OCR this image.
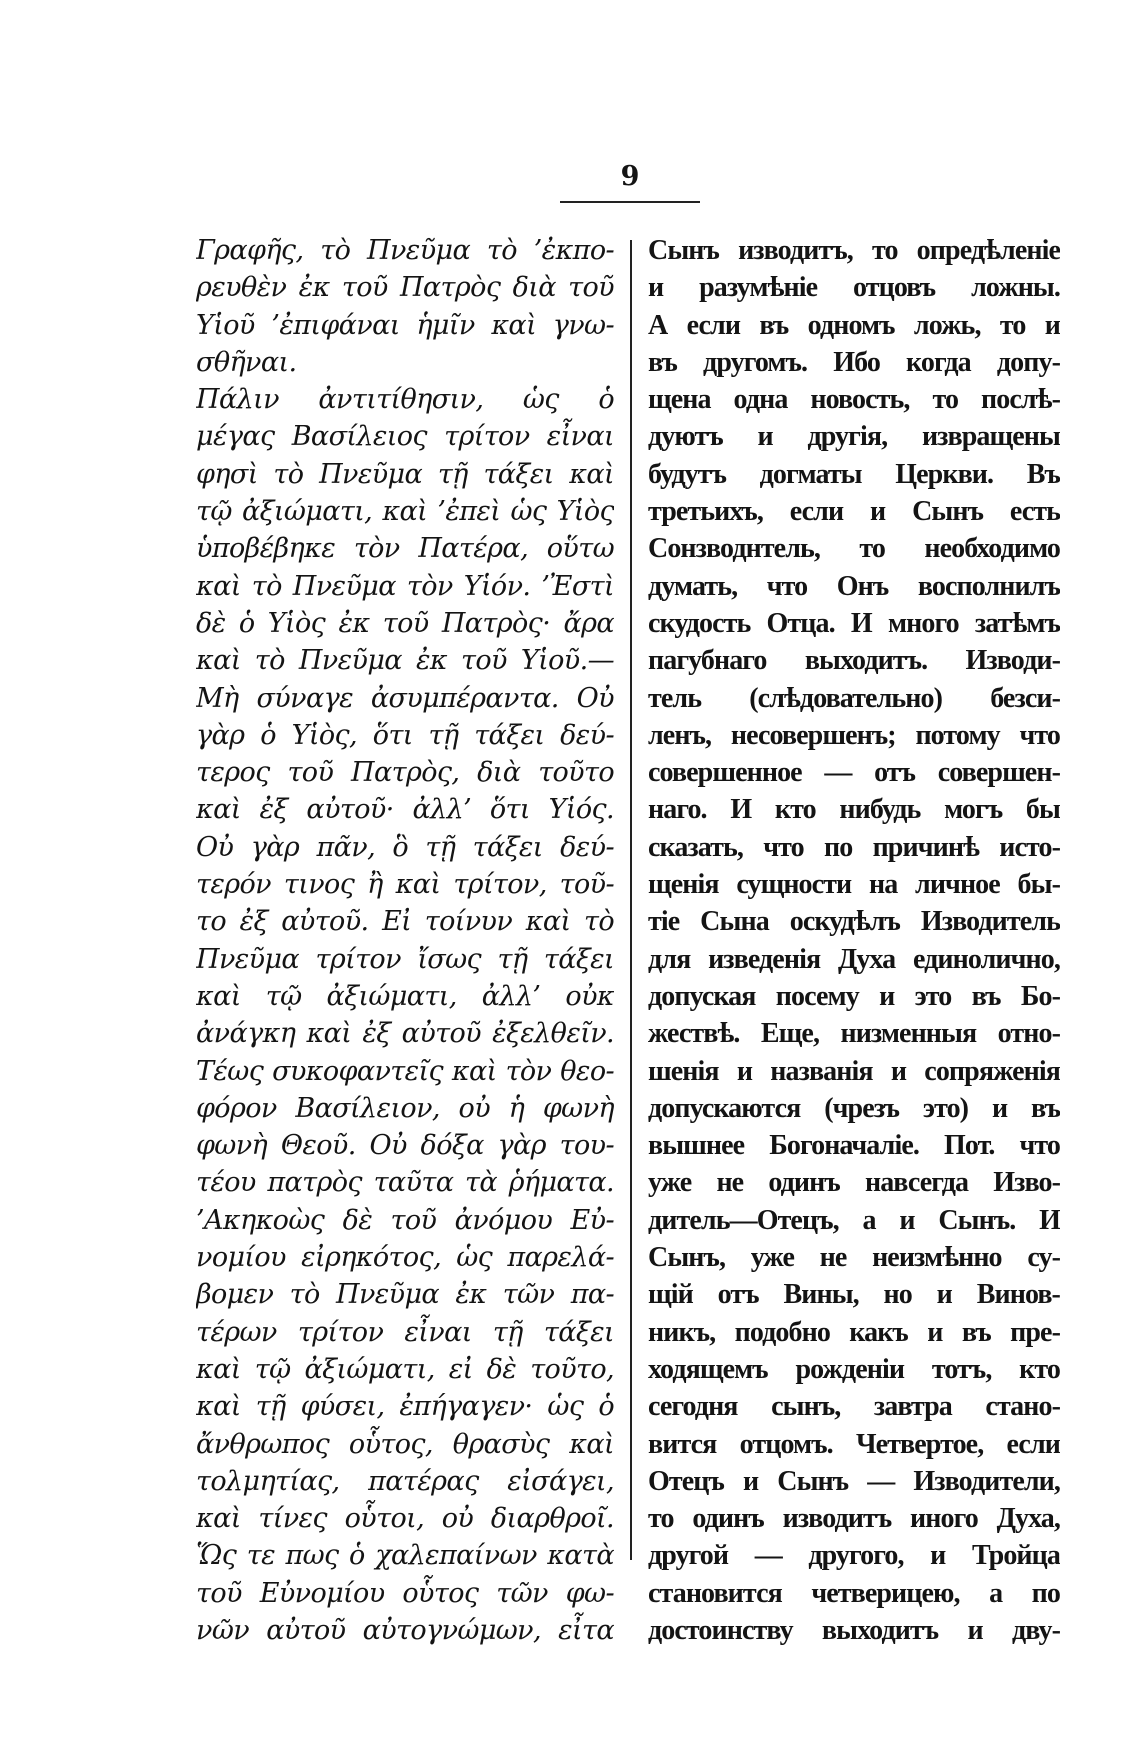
9
Γραφῆς, τὸ Πνεῦμα τὸ ’ἐκπο-
ρευθὲν ἐκ τοῦ Πατρὸς διὰ τοῦ
Υἱοῦ ’ἐπιφάναι ἡμῖν καὶ γνω-
σθῆναι.
Πάλιν ἀντιτίθησιν, ὡς ὁ
μέγας Βασίλειος τρίτον εἶναι
φησὶ τὸ Πνεῦμα τῇ τάξει καὶ
τῷ ἀξιώματι, καὶ ’ἐπεὶ ὡς Υἱὸς
ὑποβέβηκε τὸν Πατέρα, οὕτω
καὶ τὸ Πνεῦμα τὸν Υἱόν. ’Ἐστὶ
δὲ ὁ Υἱὸς ἐκ τοῦ Πατρὸς· ἄρα
καὶ τὸ Πνεῦμα ἐκ τοῦ Υἱοῦ.—
Μὴ σύναγε ἀσυμπέραντα. Οὐ
γὰρ ὁ Υἱὸς, ὅτι τῇ τάξει δεύ-
τερος τοῦ Πατρὸς, διὰ τοῦτο
καὶ ἐξ αὐτοῦ· ἀλλ’ ὅτι Υἱός.
Οὐ γὰρ πᾶν, ὃ τῇ τάξει δεύ-
τερόν τινος ἢ καὶ τρίτον, τοῦ-
το ἐξ αὐτοῦ. Εἰ τοίνυν καὶ τὸ
Πνεῦμα τρίτον ἴσως τῇ τάξει
καὶ τῷ ἀξιώματι, ἀλλ’ οὐκ
ἀνάγκη καὶ ἐξ αὐτοῦ ἐξελθεῖν.
Τέως συκοφαντεῖς καὶ τὸν θεο-
φόρον Βασίλειον, οὐ ἡ φωνὴ
φωνὴ Θεοῦ. Οὐ δόξα γὰρ του-
τέου πατρὸς ταῦτα τὰ ῥήματα.
’Ακηκοὼς δὲ τοῦ ἀνόμου Εὐ-
νομίου εἰρηκότος, ὡς παρελά-
βομεν τὸ Πνεῦμα ἐκ τῶν πα-
τέρων τρίτον εἶναι τῇ τάξει
καὶ τῷ ἀξιώματι, εἰ δὲ τοῦτο,
καὶ τῇ φύσει, ἐπήγαγεν· ὡς ὁ
ἄνθρωπος οὗτος, θρασὺς καὶ
τολμητίας, πατέρας εἰσάγει,
καὶ τίνες οὗτοι, οὐ διαρθροῖ.
Ὥς τε πως ὁ χαλεπαίνων κατὰ
τοῦ Εὐνομίου οὗτος τῶν φω-
νῶν αὐτοῦ αὐτογνώμων, εἶτα
Сынъ изводитъ, то опредѣленіе
и разумѣніе отцовъ ложны.
А если въ одномъ ложь, то и
въ другомъ. Ибо когда допу-
щена одна новость, то послѣ-
дуютъ и другія, извращены
будутъ догматы Церкви. Въ
третьихъ, если и Сынъ есть
Сонзводнтель, то необходимо
думать, что Онъ восполнилъ
скудость Отца. И много затѣмъ
пагубнаго выходитъ. Изводи-
тель (слѣдовательно) безси-
ленъ, несовершенъ; потому что
совершенное — отъ совершен-
наго. И кто нибудь могъ бы
сказать, что по причинѣ исто-
щенія сущности на личное бы-
тіе Сына оскудѣлъ Изводитель
для изведенія Духа единолично,
допуская посему и это въ Бо-
жествѣ. Еще, низменныя отно-
шенія и названія и сопряженія
допускаются (чрезъ это) и въ
вышнее Богоначаліе. Пот. что
уже не одинъ навсегда Изво-
дитель—Отецъ, а и Сынъ. И
Сынъ, уже не неизмѣнно су-
щій отъ Вины, но и Винов-
никъ, подобно какъ и въ пре-
ходящемъ рожденіи тотъ, кто
сегодня сынъ, завтра стано-
вится отцомъ. Четвертое, если
Отецъ и Сынъ — Изводители,
то одинъ изводитъ иного Духа,
другой — другого, и Тройца
становится четверицею, а по
достоинству выходитъ и дву-
